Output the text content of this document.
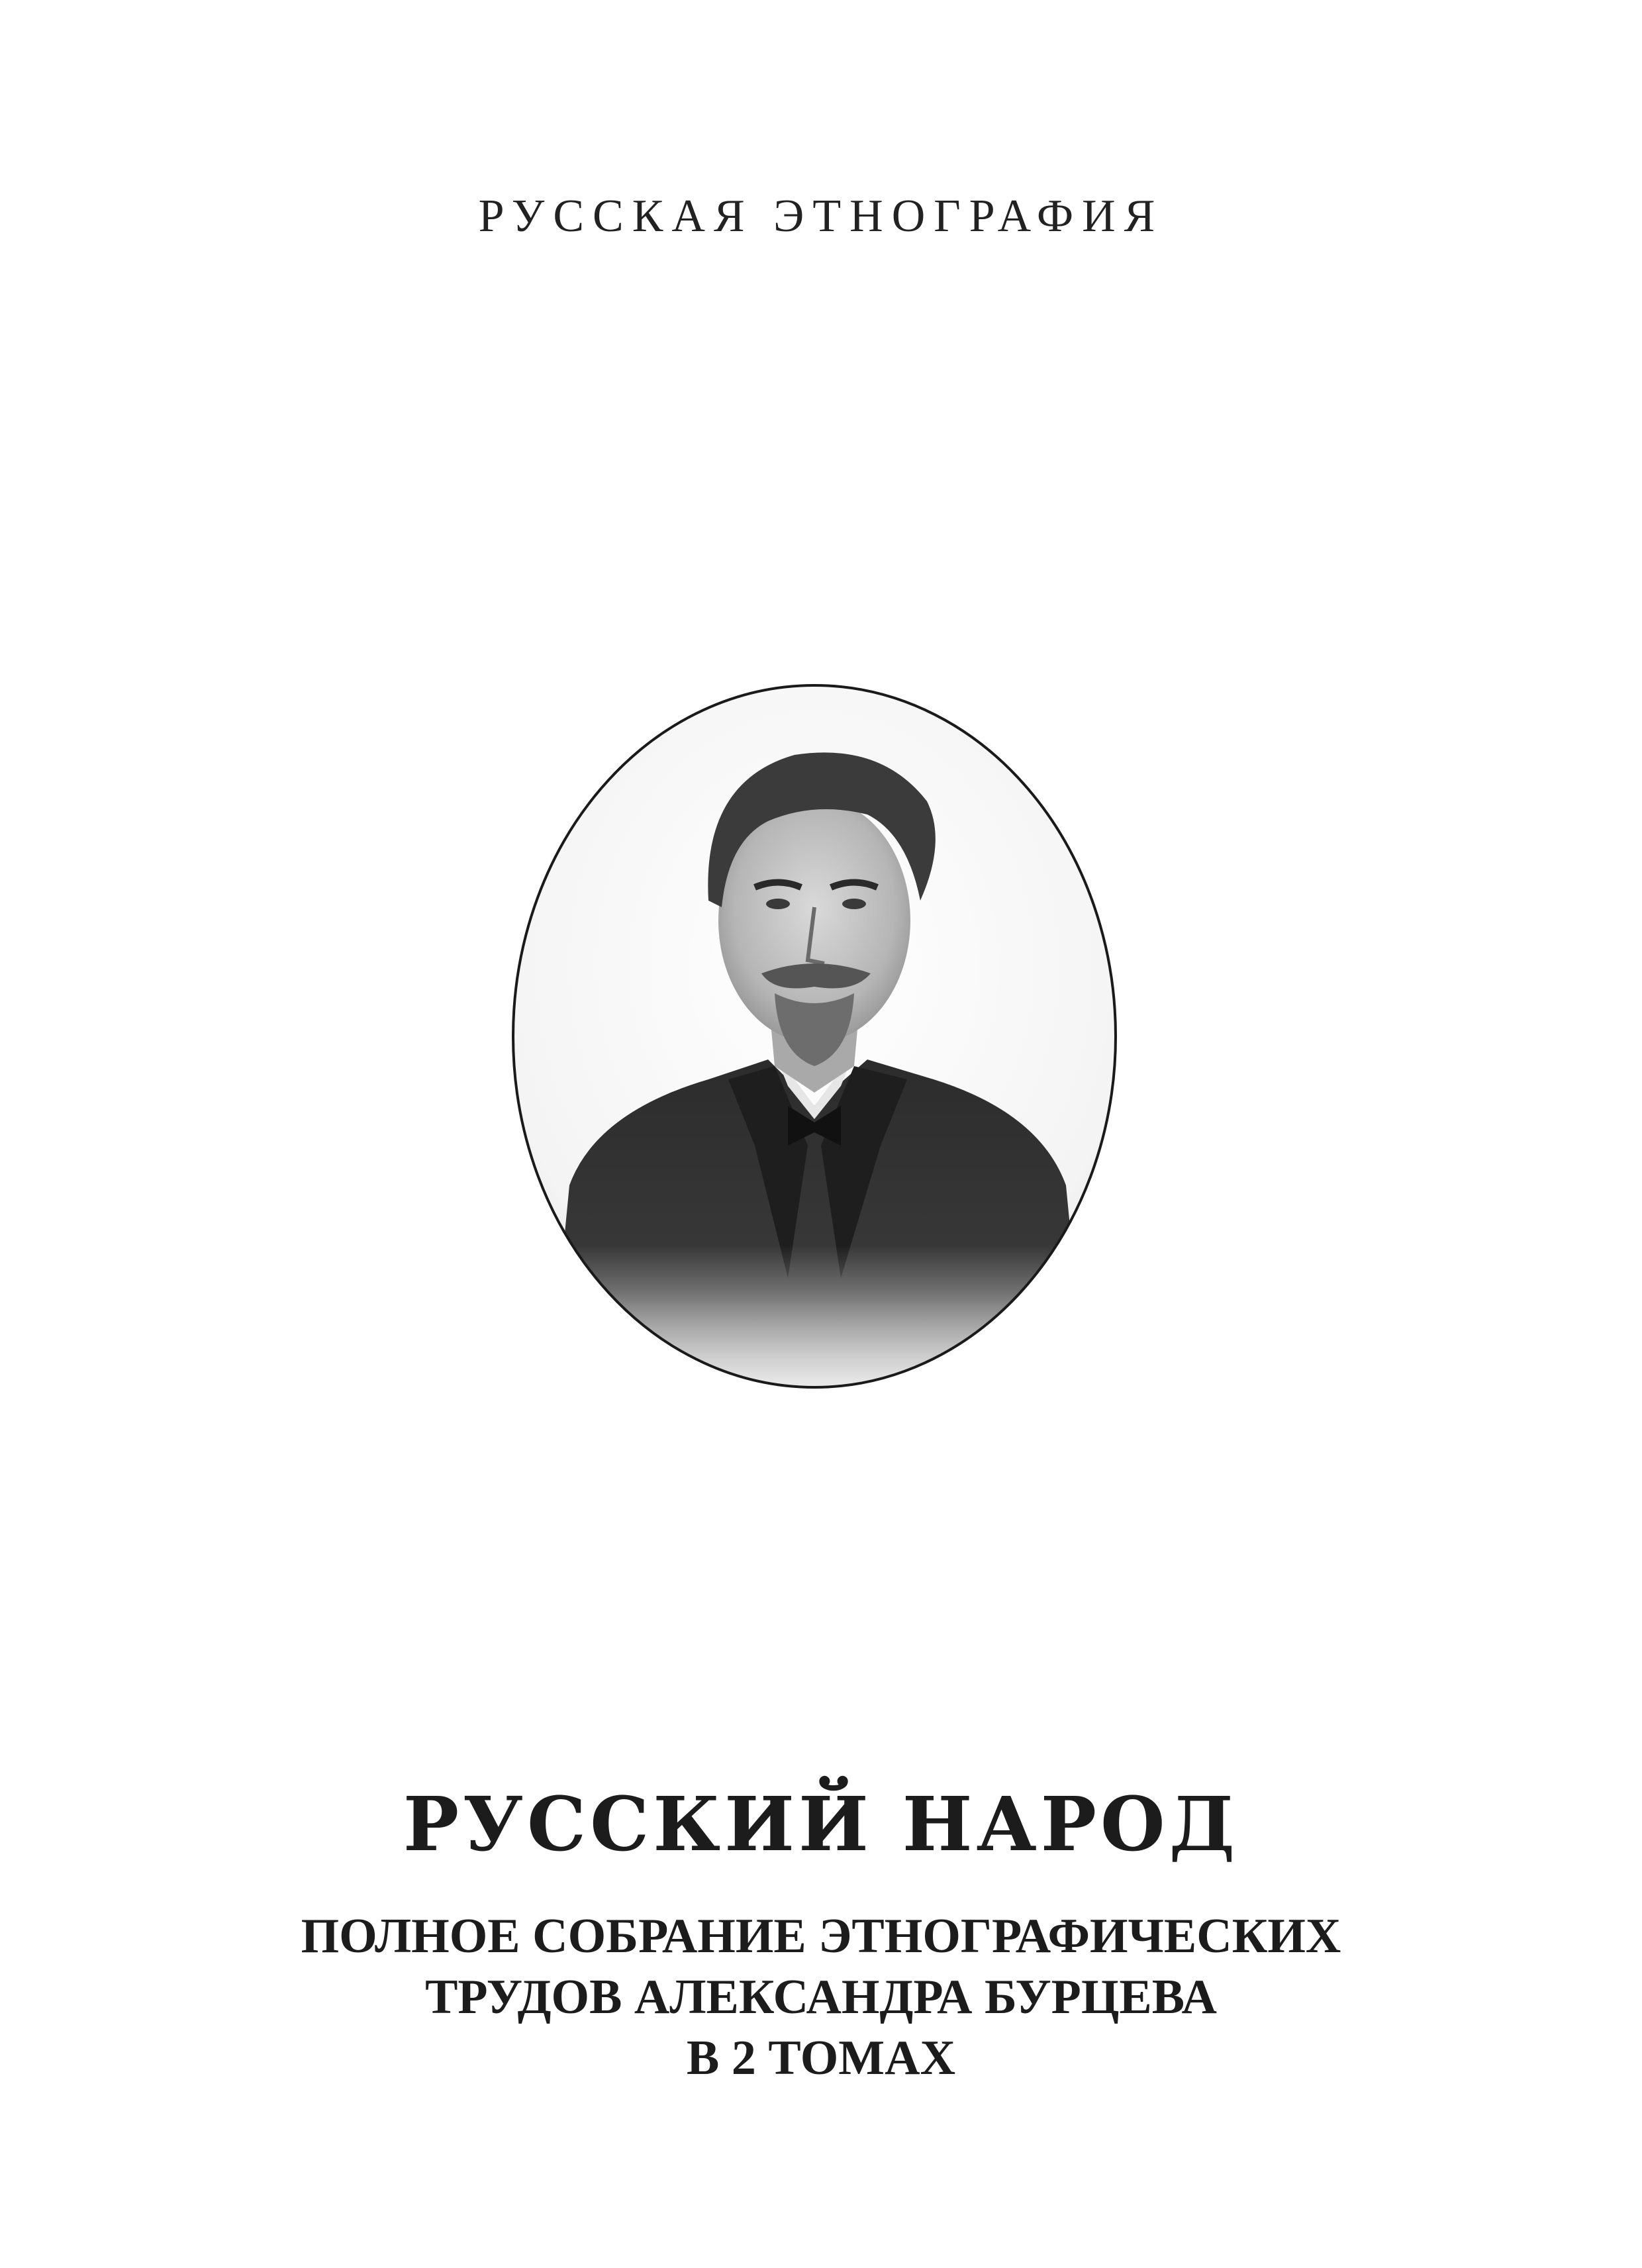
РУССКАЯ ЭТНОГРАФИЯ
РУССКИЙ НАРОД
ПОЛНОЕ СОБРАНИЕ ЭТНОГРАФИЧЕСКИХ
ТРУДОВ АЛЕКСАНДРА БУРЦЕВА
В 2 ТОМАХ
